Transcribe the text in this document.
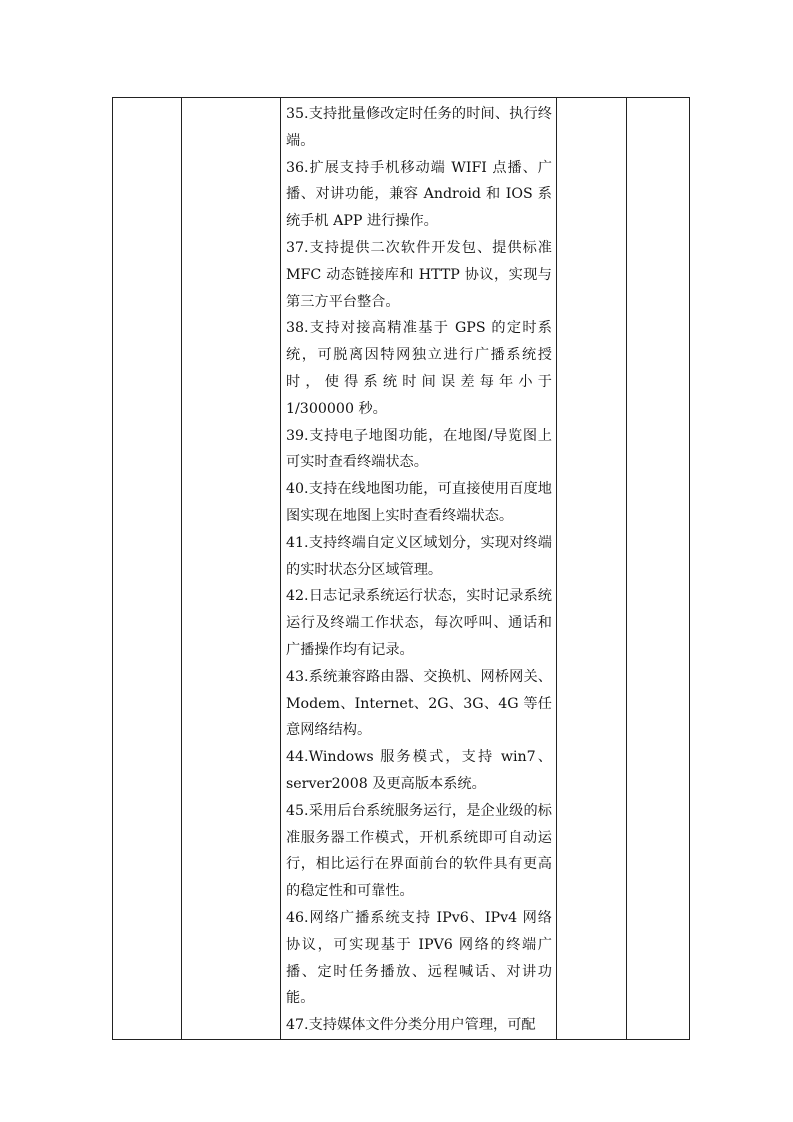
35.支持批量修改定时任务的时间、执行终端。

36.扩展支持手机移动端 WIFI 点播、广播、对讲功能，兼容 Android 和 IOS 系统手机 APP 进行操作。

37.支持提供二次软件开发包、提供标准 MFC 动态链接库和 HTTP 协议，实现与第三方平台整合。

38.支持对接高精准基于 GPS 的定时系统，可脱离因特网独立进行广播系统授时，使得系统时间误差每年小于 1/300000 秒。

39.支持电子地图功能，在地图/导览图上可实时查看终端状态。

40.支持在线地图功能，可直接使用百度地图实现在地图上实时查看终端状态。

41.支持终端自定义区域划分，实现对终端的实时状态分区域管理。

42.日志记录系统运行状态，实时记录系统运行及终端工作状态，每次呼叫、通话和广播操作均有记录。

43.系统兼容路由器、交换机、网桥网关、Modem、Internet、2G、3G、4G 等任意网络结构。

44.Windows 服务模式，支持 win7、server2008 及更高版本系统。

45.采用后台系统服务运行，是企业级的标准服务器工作模式，开机系统即可自动运行，相比运行在界面前台的软件具有更高的稳定性和可靠性。

46.网络广播系统支持 IPv6、IPv4 网络协议，可实现基于 IPV6 网络的终端广播、定时任务播放、远程喊话、对讲功能。

47.支持媒体文件分类分用户管理，可配
